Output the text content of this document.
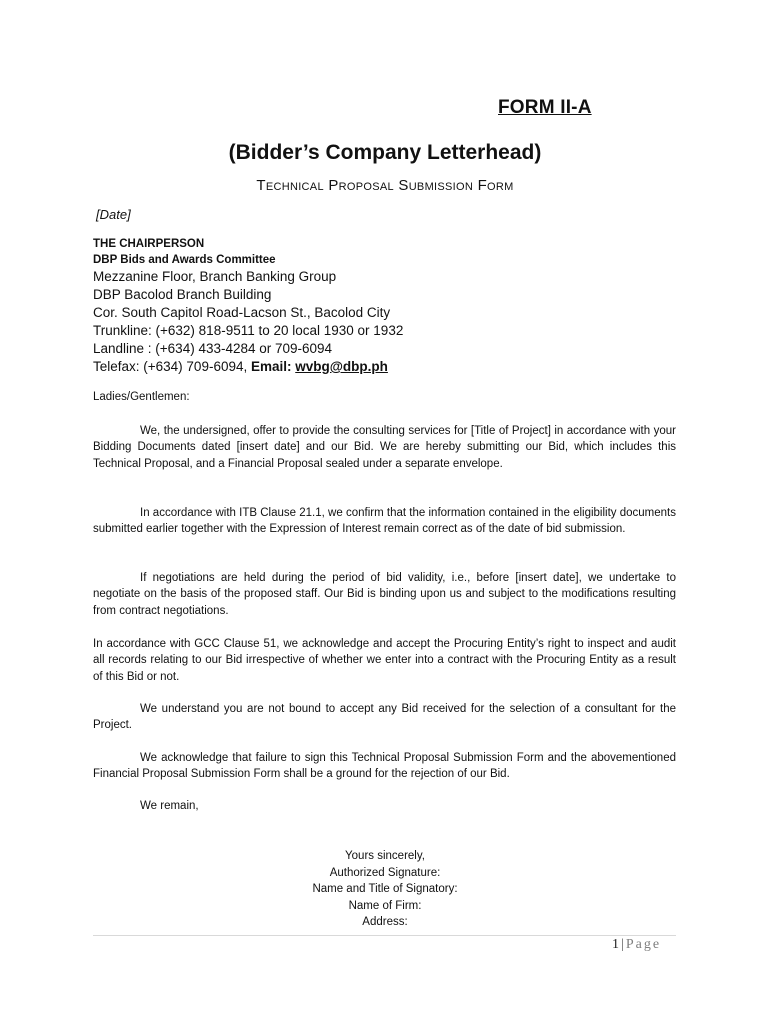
FORM II-A
(Bidder’s Company Letterhead)
Technical Proposal Submission Form
[Date]
THE CHAIRPERSON
DBP Bids and Awards Committee
Mezzanine Floor, Branch Banking Group
DBP Bacolod Branch Building
Cor. South Capitol Road-Lacson St., Bacolod City
Trunkline: (+632) 818-9511 to 20 local 1930 or 1932
Landline : (+634) 433-4284 or 709-6094
Telefax: (+634) 709-6094, Email: wvbg@dbp.ph
Ladies/Gentlemen:
We, the undersigned, offer to provide the consulting services for [Title of Project] in accordance with your Bidding Documents dated [insert date] and our Bid. We are hereby submitting our Bid, which includes this Technical Proposal, and a Financial Proposal sealed under a separate envelope.
In accordance with ITB Clause 21.1, we confirm that the information contained in the eligibility documents submitted earlier together with the Expression of Interest remain correct as of the date of bid submission.
If negotiations are held during the period of bid validity, i.e., before [insert date], we undertake to negotiate on the basis of the proposed staff. Our Bid is binding upon us and subject to the modifications resulting from contract negotiations.
In accordance with GCC Clause 51, we acknowledge and accept the Procuring Entity’s right to inspect and audit all records relating to our Bid irrespective of whether we enter into a contract with the Procuring Entity as a result of this Bid or not.
We understand you are not bound to accept any Bid received for the selection of a consultant for the Project.
We acknowledge that failure to sign this Technical Proposal Submission Form and the abovementioned Financial Proposal Submission Form shall be a ground for the rejection of our Bid.
We remain,
Yours sincerely,
Authorized Signature:
Name and Title of Signatory:
Name of Firm:
Address:
1 | Page
